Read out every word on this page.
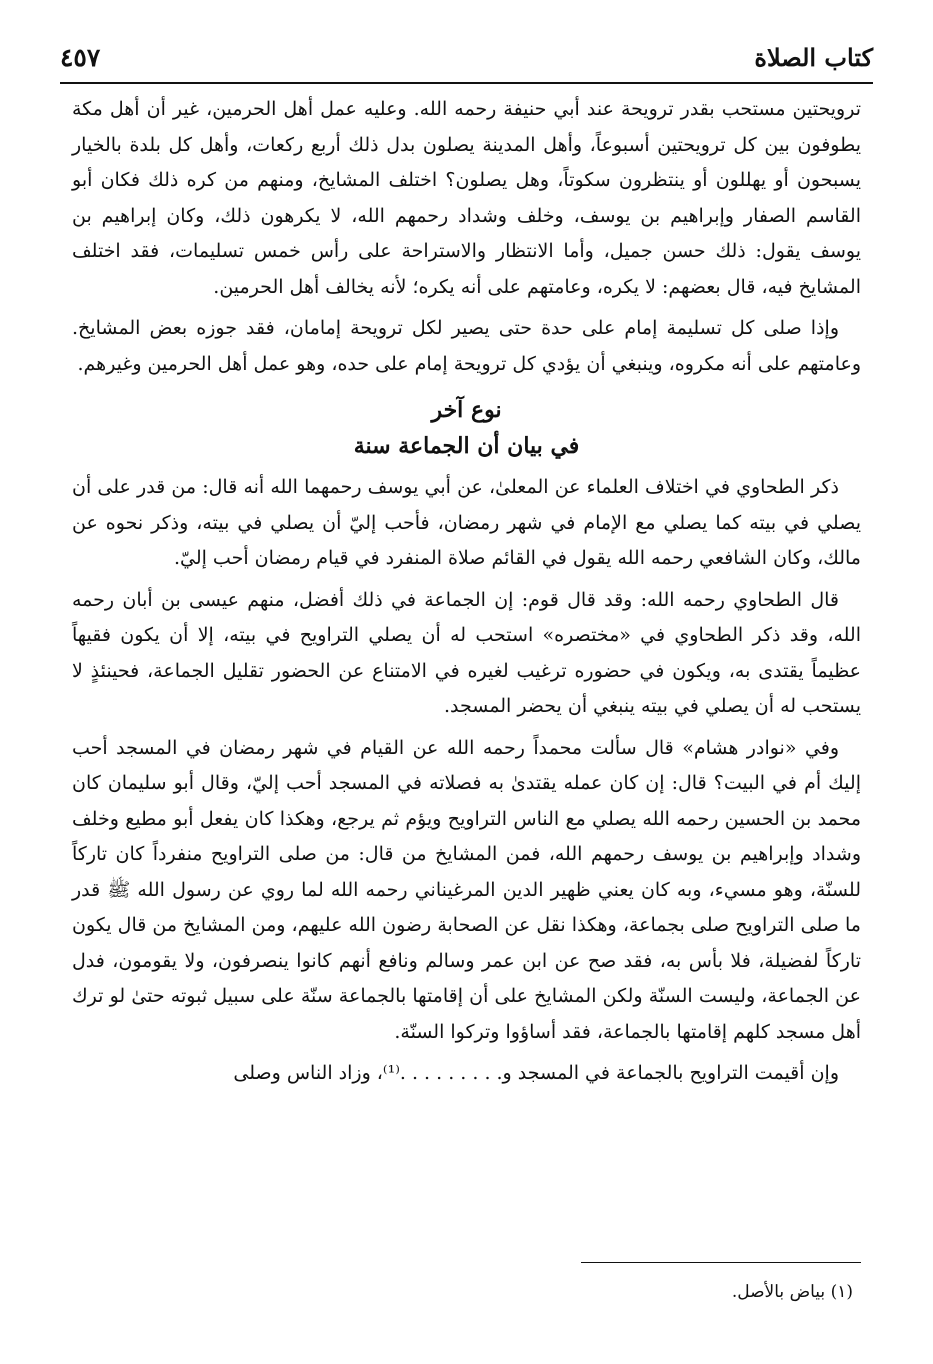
كتاب الصلاة
٤٥٧

ترويحتين مستحب بقدر ترويحة عند أبي حنيفة رحمه الله. وعليه عمل أهل الحرمين، غير أن أهل مكة يطوفون بين كل ترويحتين أسبوعاً، وأهل المدينة يصلون بدل ذلك أربع ركعات، وأهل كل بلدة بالخيار يسبحون أو يهللون أو ينتظرون سكوتاً، وهل يصلون؟ اختلف المشايخ، ومنهم من كره ذلك فكان أبو القاسم الصفار وإبراهيم بن يوسف، وخلف وشداد رحمهم الله، لا يكرهون ذلك، وكان إبراهيم بن يوسف يقول: ذلك حسن جميل، وأما الانتظار والاستراحة على رأس خمس تسليمات، فقد اختلف المشايخ فيه، قال بعضهم: لا يكره، وعامتهم على أنه يكره؛ لأنه يخالف أهل الحرمين.

وإذا صلى كل تسليمة إمام على حدة حتى يصير لكل ترويحة إمامان، فقد جوزه بعض المشايخ. وعامتهم على أنه مكروه، وينبغي أن يؤدي كل ترويحة إمام على حده، وهو عمل أهل الحرمين وغيرهم.

نوع آخر
في بيان أن الجماعة سنة

ذكر الطحاوي في اختلاف العلماء عن المعلىٰ، عن أبي يوسف رحمهما الله أنه قال: من قدر على أن يصلي في بيته كما يصلي مع الإمام في شهر رمضان، فأحب إليّ أن يصلي في بيته، وذكر نحوه عن مالك، وكان الشافعي رحمه الله يقول في القائم صلاة المنفرد في قيام رمضان أحب إليّ.

قال الطحاوي رحمه الله: وقد قال قوم: إن الجماعة في ذلك أفضل، منهم عيسى بن أبان رحمه الله، وقد ذكر الطحاوي في «مختصره» استحب له أن يصلي التراويح في بيته، إلا أن يكون فقيهاً عظيماً يقتدى به، ويكون في حضوره ترغيب لغيره في الامتناع عن الحضور تقليل الجماعة، فحينئذٍ لا يستحب له أن يصلي في بيته ينبغي أن يحضر المسجد.

وفي «نوادر هشام» قال سألت محمداً رحمه الله عن القيام في شهر رمضان في المسجد أحب إليك أم في البيت؟ قال: إن كان عمله يقتدىٰ به فصلاته في المسجد أحب إليّ، وقال أبو سليمان كان محمد بن الحسين رحمه الله يصلي مع الناس التراويح ويؤم ثم يرجع، وهكذا كان يفعل أبو مطيع وخلف وشداد وإبراهيم بن يوسف رحمهم الله، فمن المشايخ من قال: من صلى التراويح منفرداً كان تاركاً للسنّة، وهو مسيء، وبه كان يعني ظهير الدين المرغيناني رحمه الله لما روي عن رسول الله ﷺ قدر ما صلى التراويح صلى بجماعة، وهكذا نقل عن الصحابة رضون الله عليهم، ومن المشايخ من قال يكون تاركاً لفضيلة، فلا بأس به، فقد صح عن ابن عمر وسالم ونافع أنهم كانوا ينصرفون، ولا يقومون، فدل عن الجماعة، وليست السنّة ولكن المشايخ على أن إقامتها بالجماعة سنّة على سبيل ثبوته حتىٰ لو ترك أهل مسجد كلهم إقامتها بالجماعة، فقد أساؤوا وتركوا السنّة.

وإن أقيمت التراويح بالجماعة في المسجد و. . . . . . . . .⁽¹⁾، وزاد الناس وصلى

(١) بياض بالأصل.
